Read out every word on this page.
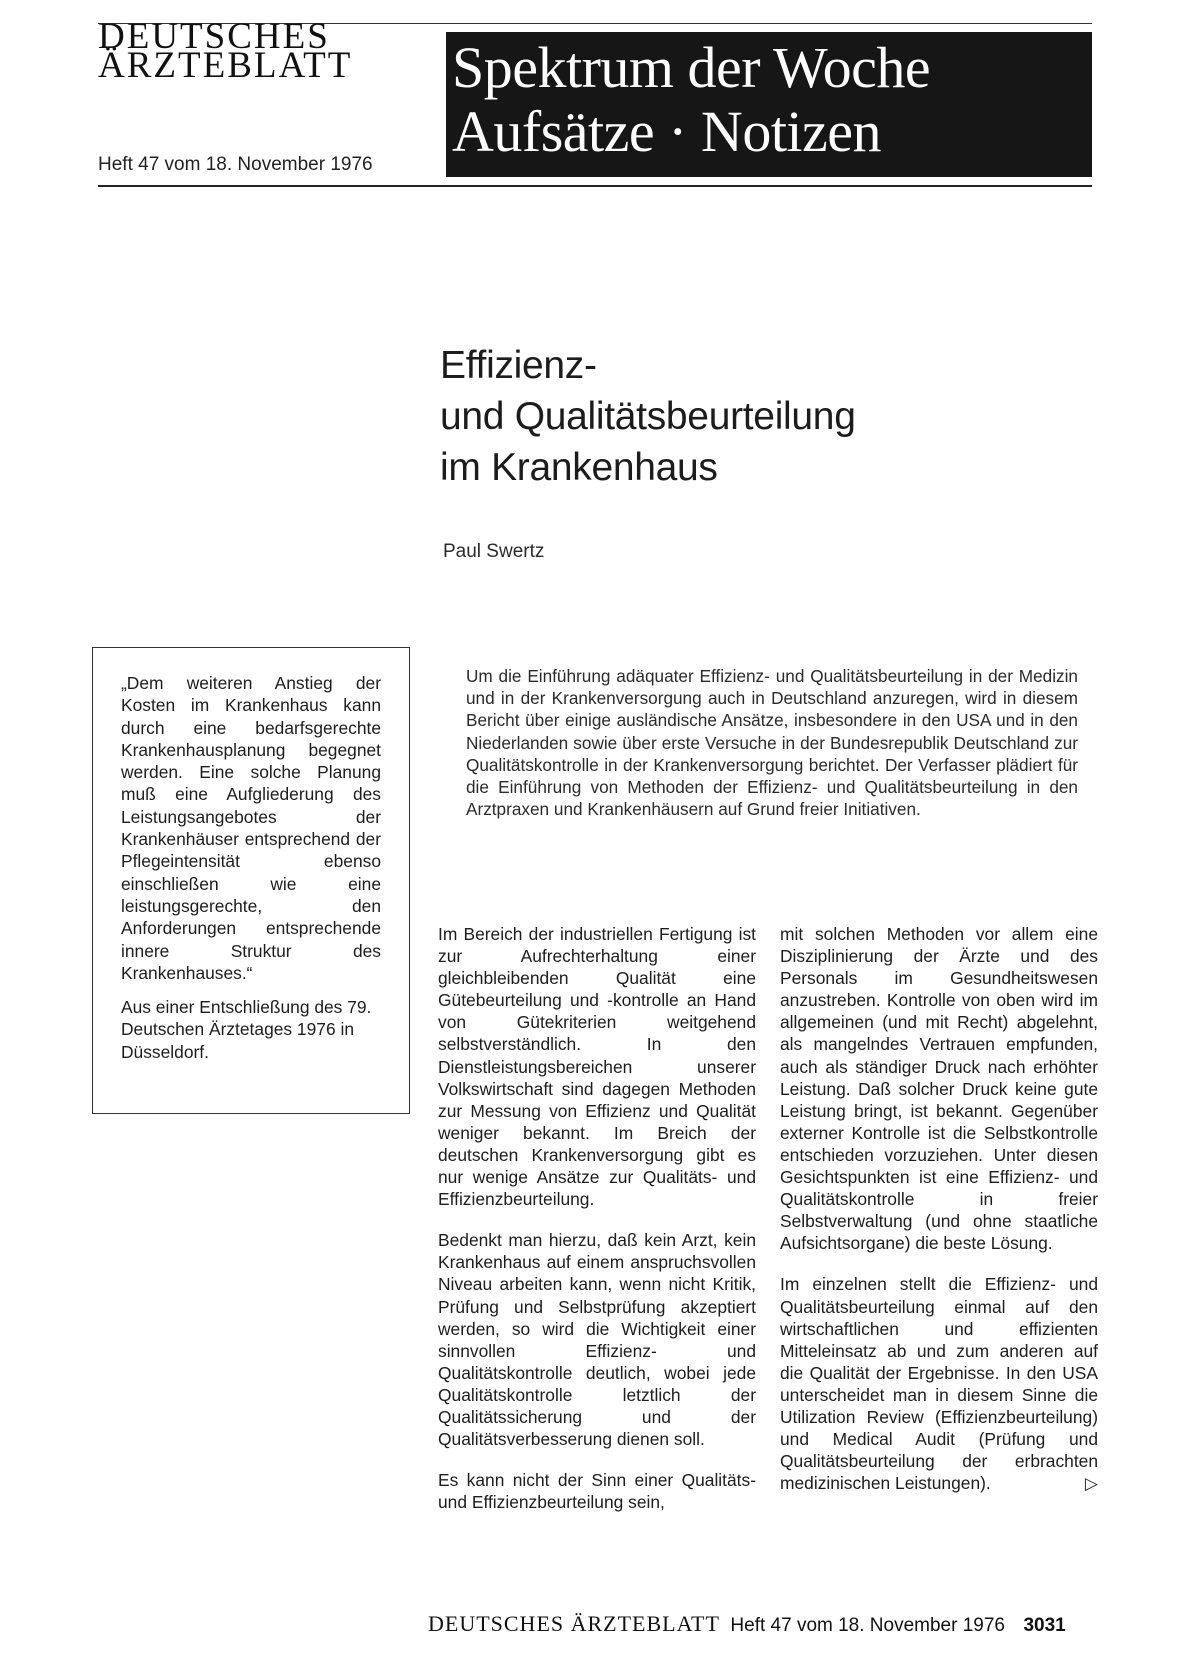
DEUTSCHES
ÄRZTEBLATT
Heft 47 vom 18. November 1976
Spektrum der Woche
Aufsätze · Notizen
Effizienz-
und Qualitätsbeurteilung
im Krankenhaus
Paul Swertz

„Dem weiteren Anstieg der Kosten im Krankenhaus kann durch eine bedarfsgerechte Krankenhausplanung begegnet werden. Eine solche Planung muß eine Aufgliederung des Leistungsangebotes der Krankenhäuser entsprechend der Pflegeintensität ebenso einschließen wie eine leistungsgerechte, den Anforderungen entsprechende innere Struktur des Krankenhauses.“

Aus einer Entschließung des 79. Deutschen Ärztetages 1976 in Düsseldorf.

Um die Einführung adäquater Effizienz- und Qualitätsbeurteilung in der Medizin und in der Krankenversorgung auch in Deutschland anzuregen, wird in diesem Bericht über einige ausländische Ansätze, insbesondere in den USA und in den Niederlanden sowie über erste Versuche in der Bundesrepublik Deutschland zur Qualitätskontrolle in der Krankenversorgung berichtet. Der Verfasser plädiert für die Einführung von Methoden der Effizienz- und Qualitätsbeurteilung in den Arztpraxen und Krankenhäusern auf Grund freier Initiativen.

Im Bereich der industriellen Fertigung ist zur Aufrechterhaltung einer gleichbleibenden Qualität eine Gütebeurteilung und -kontrolle an Hand von Gütekriterien weitgehend selbstverständlich. In den Dienstleistungsbereichen unserer Volkswirtschaft sind dagegen Methoden zur Messung von Effizienz und Qualität weniger bekannt. Im Breich der deutschen Krankenversorgung gibt es nur wenige Ansätze zur Qualitäts- und Effizienzbeurteilung.

Bedenkt man hierzu, daß kein Arzt, kein Krankenhaus auf einem anspruchsvollen Niveau arbeiten kann, wenn nicht Kritik, Prüfung und Selbstprüfung akzeptiert werden, so wird die Wichtigkeit einer sinnvollen Effizienz- und Qualitätskontrolle deutlich, wobei jede Qualitätskontrolle letztlich der Qualitätssicherung und der Qualitätsverbesserung dienen soll.

Es kann nicht der Sinn einer Qualitäts- und Effizienzbeurteilung sein,

mit solchen Methoden vor allem eine Disziplinierung der Ärzte und des Personals im Gesundheitswesen anzustreben. Kontrolle von oben wird im allgemeinen (und mit Recht) abgelehnt, als mangelndes Vertrauen empfunden, auch als ständiger Druck nach erhöhter Leistung. Daß solcher Druck keine gute Leistung bringt, ist bekannt. Gegenüber externer Kontrolle ist die Selbstkontrolle entschieden vorzuziehen. Unter diesen Gesichtspunkten ist eine Effizienz- und Qualitätskontrolle in freier Selbstverwaltung (und ohne staatliche Aufsichtsorgane) die beste Lösung.

Im einzelnen stellt die Effizienz- und Qualitätsbeurteilung einmal auf den wirtschaftlichen und effizienten Mitteleinsatz ab und zum anderen auf die Qualität der Ergebnisse. In den USA unterscheidet man in diesem Sinne die Utilization Review (Effizienzbeurteilung) und Medical Audit (Prüfung und Qualitätsbeurteilung der erbrachten medizinischen Leistungen).	▷

DEUTSCHES ÄRZTEBLATT Heft 47 vom 18. November 1976 3031
